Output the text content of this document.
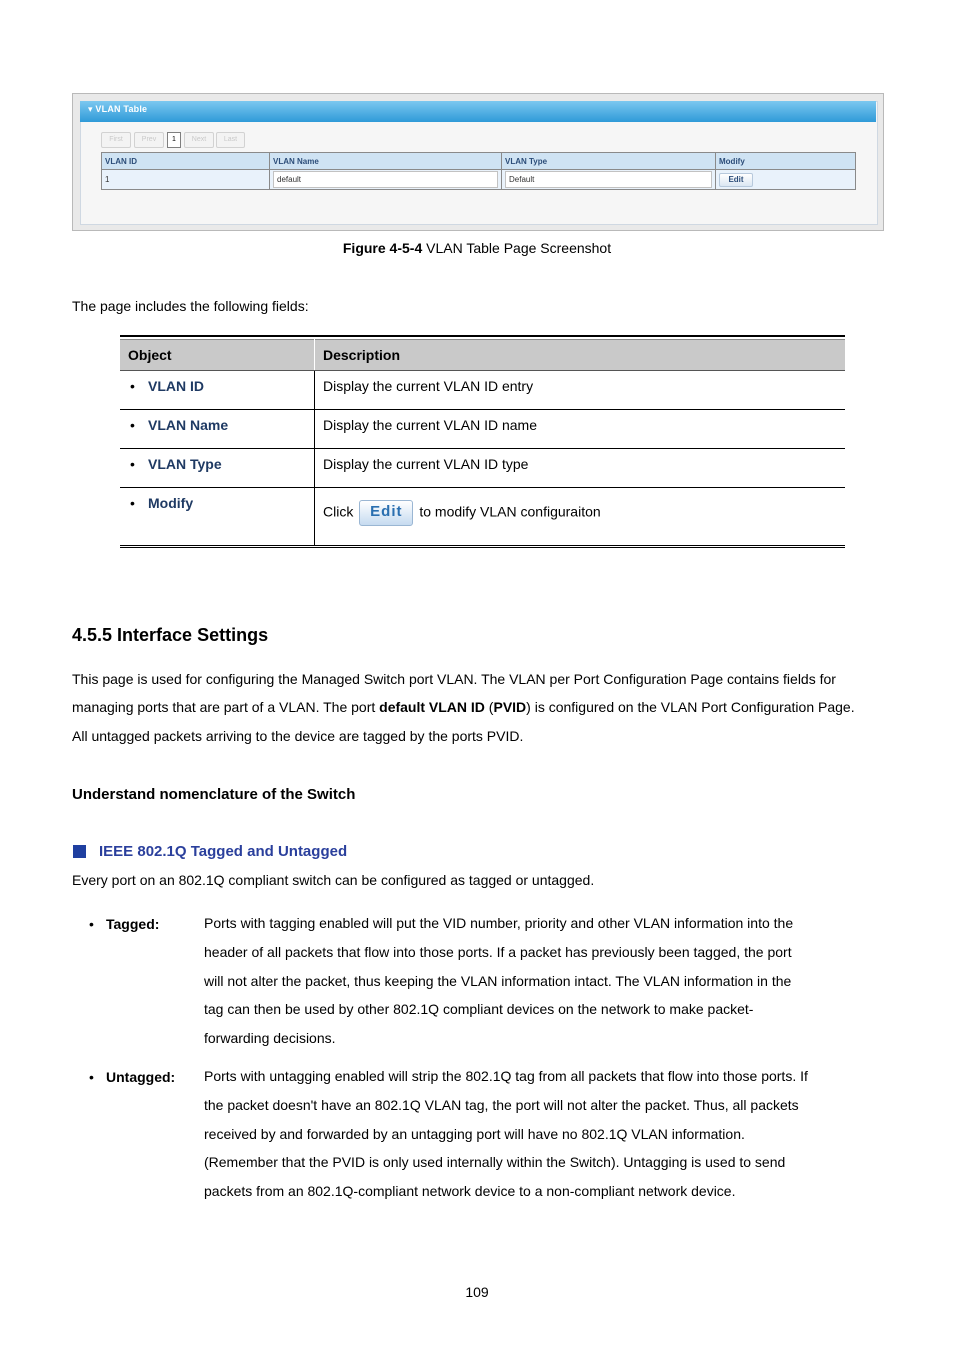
▾ VLAN Table
First	Prev	1	Next	Last
VLAN ID	VLAN Name	VLAN Type	Modify
1	default	Default	Edit
Figure 4-5-4 VLAN Table Page Screenshot
The page includes the following fields:
Object	Description

• VLAN ID	Display the current VLAN ID entry

• VLAN Name	Display the current VLAN ID name

• VLAN Type	Display the current VLAN ID type

• Modify	Click Edit to modify VLAN configuraiton
4.5.5 Interface Settings
This page is used for configuring the Managed Switch port VLAN. The VLAN per Port Configuration Page contains fields for
managing ports that are part of a VLAN. The port default VLAN ID (PVID) is configured on the VLAN Port Configuration Page.
All untagged packets arriving to the device are tagged by the ports PVID.
Understand nomenclature of the Switch
IEEE 802.1Q Tagged and Untagged
Every port on an 802.1Q compliant switch can be configured as tagged or untagged.
• Tagged:	Ports with tagging enabled will put the VID number, priority and other VLAN information into the header of all packets that flow into those ports. If a packet has previously been tagged, the port will not alter the packet, thus keeping the VLAN information intact. The VLAN information in the tag can then be used by other 802.1Q compliant devices on the network to make packet-forwarding decisions.
• Untagged: Ports with untagging enabled will strip the 802.1Q tag from all packets that flow into those ports. If the packet doesn't have an 802.1Q VLAN tag, the port will not alter the packet. Thus, all packets received by and forwarded by an untagging port will have no 802.1Q VLAN information. (Remember that the PVID is only used internally within the Switch). Untagging is used to send packets from an 802.1Q-compliant network device to a non-compliant network device.
109
